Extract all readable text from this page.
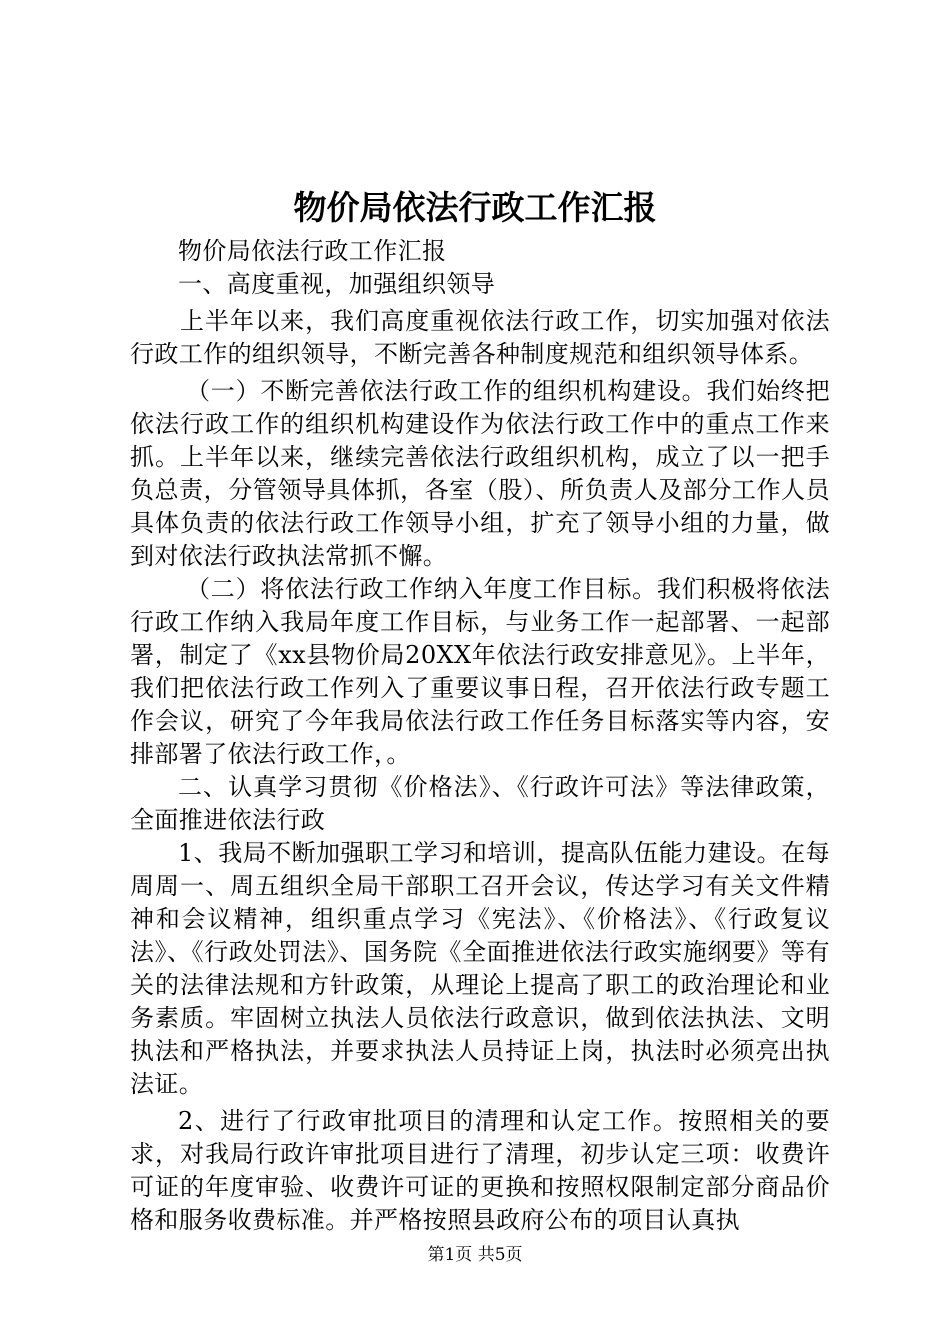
物价局依法行政工作汇报

物价局依法行政工作汇报

一、高度重视，加强组织领导

上半年以来，我们高度重视依法行政工作，切实加强对依法行政工作的组织领导，不断完善各种制度规范和组织领导体系。

（一）不断完善依法行政工作的组织机构建设。我们始终把依法行政工作的组织机构建设作为依法行政工作中的重点工作来抓。上半年以来，继续完善依法行政组织机构，成立了以一把手负总责，分管领导具体抓，各室（股）、所负责人及部分工作人员具体负责的依法行政工作领导小组，扩充了领导小组的力量，做到对依法行政执法常抓不懈。

（二）将依法行政工作纳入年度工作目标。我们积极将依法行政工作纳入我局年度工作目标，与业务工作一起部署、一起部署，制定了《xx县物价局20XX年依法行政安排意见》。上半年，我们把依法行政工作列入了重要议事日程，召开依法行政专题工作会议，研究了今年我局依法行政工作任务目标落实等内容，安排部署了依法行政工作，。

二、认真学习贯彻《价格法》、《行政许可法》等法律政策，全面推进依法行政

1、我局不断加强职工学习和培训，提高队伍能力建设。在每周周一、周五组织全局干部职工召开会议，传达学习有关文件精神和会议精神，组织重点学习《宪法》、《价格法》、《行政复议法》、《行政处罚法》、国务院《全面推进依法行政实施纲要》等有关的法律法规和方针政策，从理论上提高了职工的政治理论和业务素质。牢固树立执法人员依法行政意识，做到依法执法、文明执法和严格执法，并要求执法人员持证上岗，执法时必须亮出执法证。

2、进行了行政审批项目的清理和认定工作。按照相关的要求，对我局行政许审批项目进行了清理，初步认定三项：收费许可证的年度审验、收费许可证的更换和按照权限制定部分商品价格和服务收费标准。并严格按照县政府公布的项目认真执

第1页 共5页
